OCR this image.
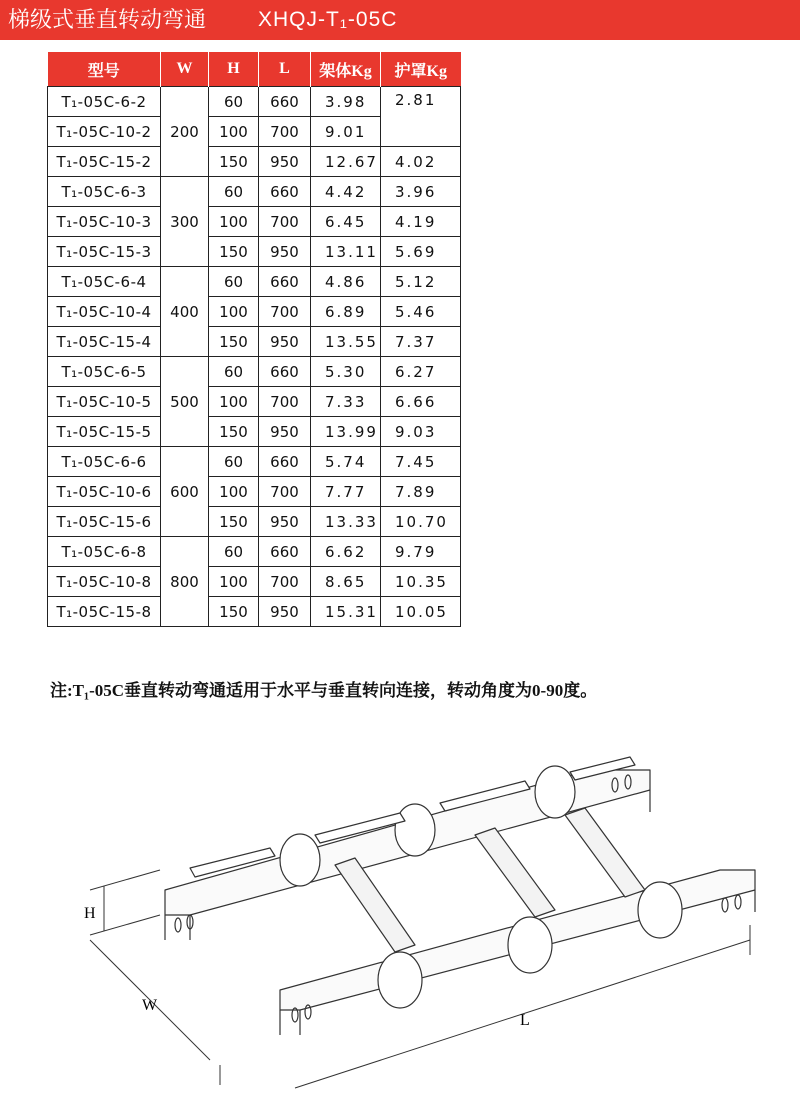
梯级式垂直转动弯通 XHQJ-T₁-05C
型号	W	H	L	架体Kg	护罩Kg
T₁-05C-6-2	200	60	660	3.98	2.81
T₁-05C-10-2		100	700	9.01	
T₁-05C-15-2		150	950	12.67	4.02
T₁-05C-6-3	300	60	660	4.42	3.96
T₁-05C-10-3		100	700	6.45	4.19
T₁-05C-15-3		150	950	13.11	5.69
T₁-05C-6-4	400	60	660	4.86	5.12
T₁-05C-10-4		100	700	6.89	5.46
T₁-05C-15-4		150	950	13.55	7.37
T₁-05C-6-5	500	60	660	5.30	6.27
T₁-05C-10-5		100	700	7.33	6.66
T₁-05C-15-5		150	950	13.99	9.03
T₁-05C-6-6	600	60	660	5.74	7.45
T₁-05C-10-6		100	700	7.77	7.89
T₁-05C-15-6		150	950	13.33	10.70
T₁-05C-6-8	800	60	660	6.62	9.79
T₁-05C-10-8		100	700	8.65	10.35
T₁-05C-15-8		150	950	15.31	10.05
注:T₁-05C垂直转动弯通适用于水平与垂直转向连接，转动角度为0-90度。
H
W
L
